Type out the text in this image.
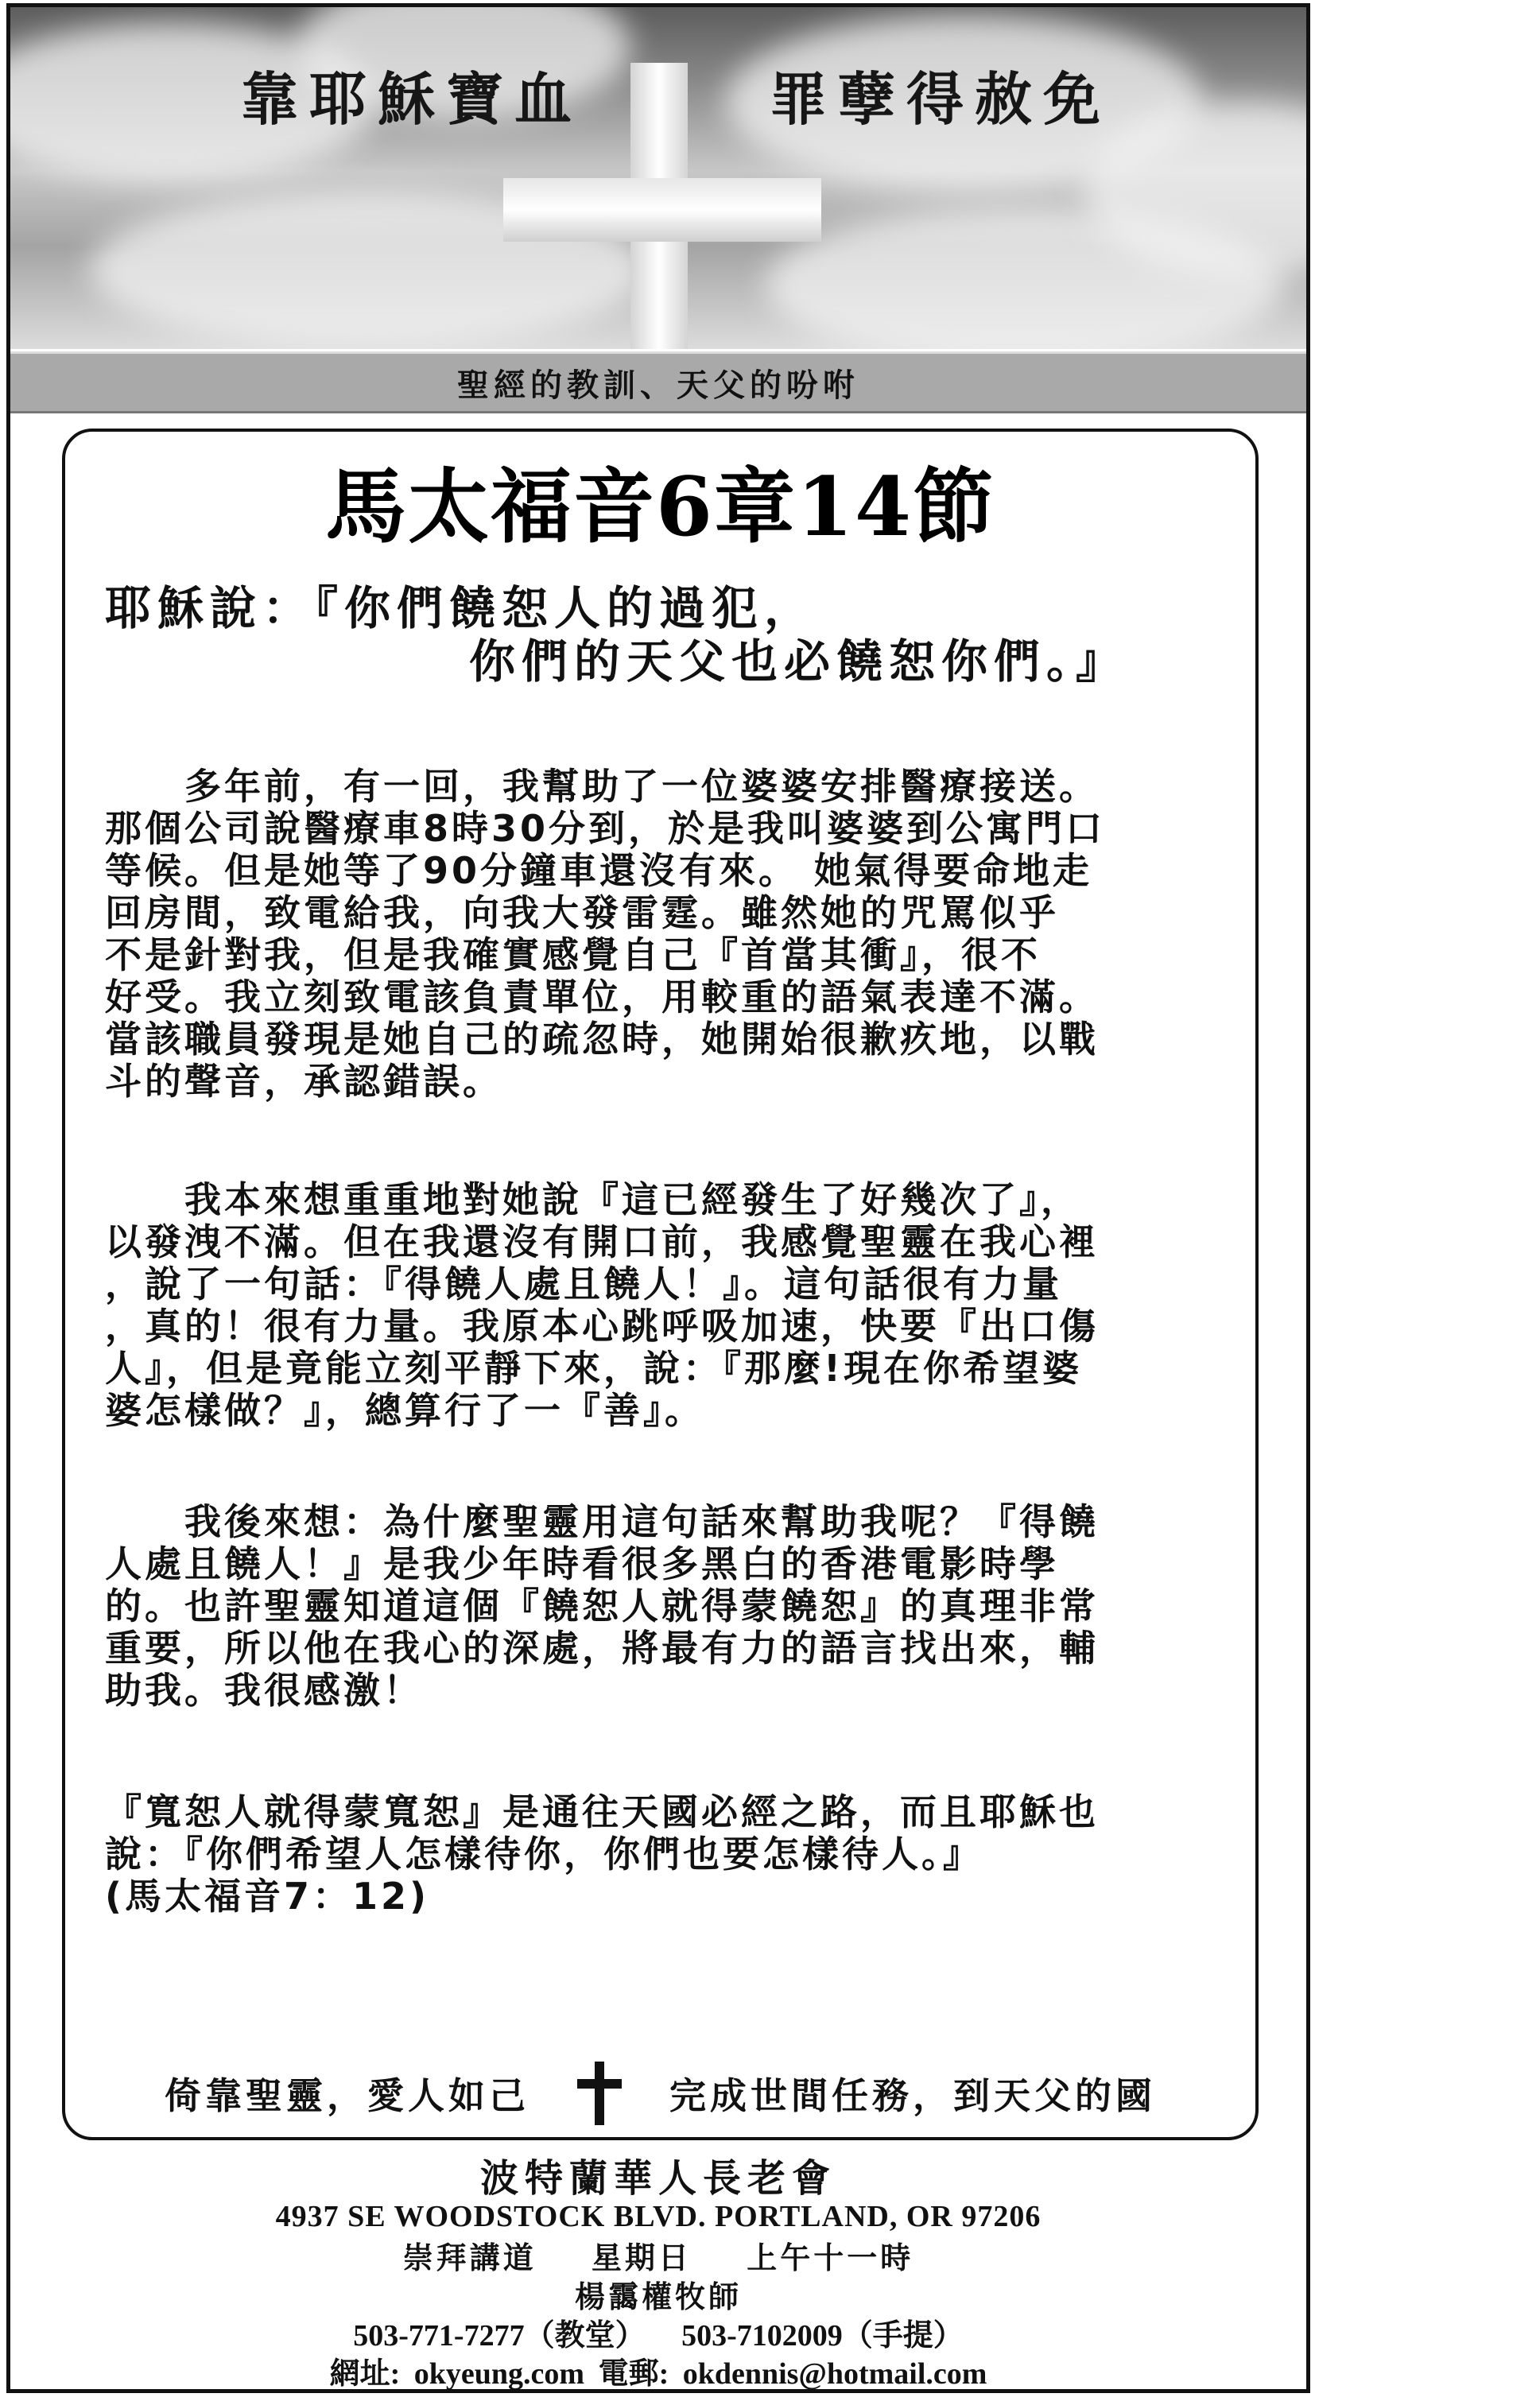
靠耶穌寶血	罪孽得赦免
聖經的教訓、天父的吩咐
馬太福音6章14節
耶穌說：『你們饒恕人的過犯，
你們的天父也必饒恕你們。』
　　多年前，有一回，我幫助了一位婆婆安排醫療接送。
那個公司說醫療車8時30分到，於是我叫婆婆到公寓門口
等候。但是她等了90分鐘車還沒有來。 她氣得要命地走
回房間，致電給我，向我大發雷霆。雖然她的咒罵似乎
不是針對我，但是我確實感覺自己『首當其衝』，很不
好受。我立刻致電該負責單位，用較重的語氣表達不滿。
當該職員發現是她自己的疏忽時，她開始很歉疚地，以戰
斗的聲音，承認錯誤。
　　我本來想重重地對她說『這已經發生了好幾次了』，
以發洩不滿。但在我還沒有開口前，我感覺聖靈在我心裡
，說了一句話：『得饒人處且饒人！』。這句話很有力量
，真的！很有力量。我原本心跳呼吸加速，快要『出口傷
人』，但是竟能立刻平靜下來，說：『那麼!現在你希望婆
婆怎樣做？』，總算行了一『善』。
　　我後來想：為什麼聖靈用這句話來幫助我呢？『得饒
人處且饒人！』是我少年時看很多黑白的香港電影時學
的。也許聖靈知道這個『饒恕人就得蒙饒恕』的真理非常
重要，所以他在我心的深處，將最有力的語言找出來，輔
助我。我很感激！
『寬恕人就得蒙寬恕』是通往天國必經之路，而且耶穌也
說：『你們希望人怎樣待你，你們也要怎樣待人。』
(馬太福音7：12)
倚靠聖靈，愛人如己	完成世間任務，到天父的國
波特蘭華人長老會
4937 SE WOODSTOCK BLVD. PORTLAND, OR 97206
崇拜講道 星期日 上午十一時
楊靄權牧師
503-771-7277（教堂） 503-7102009（手提）
網址: okyeung.com 電郵: okdennis@hotmail.com
